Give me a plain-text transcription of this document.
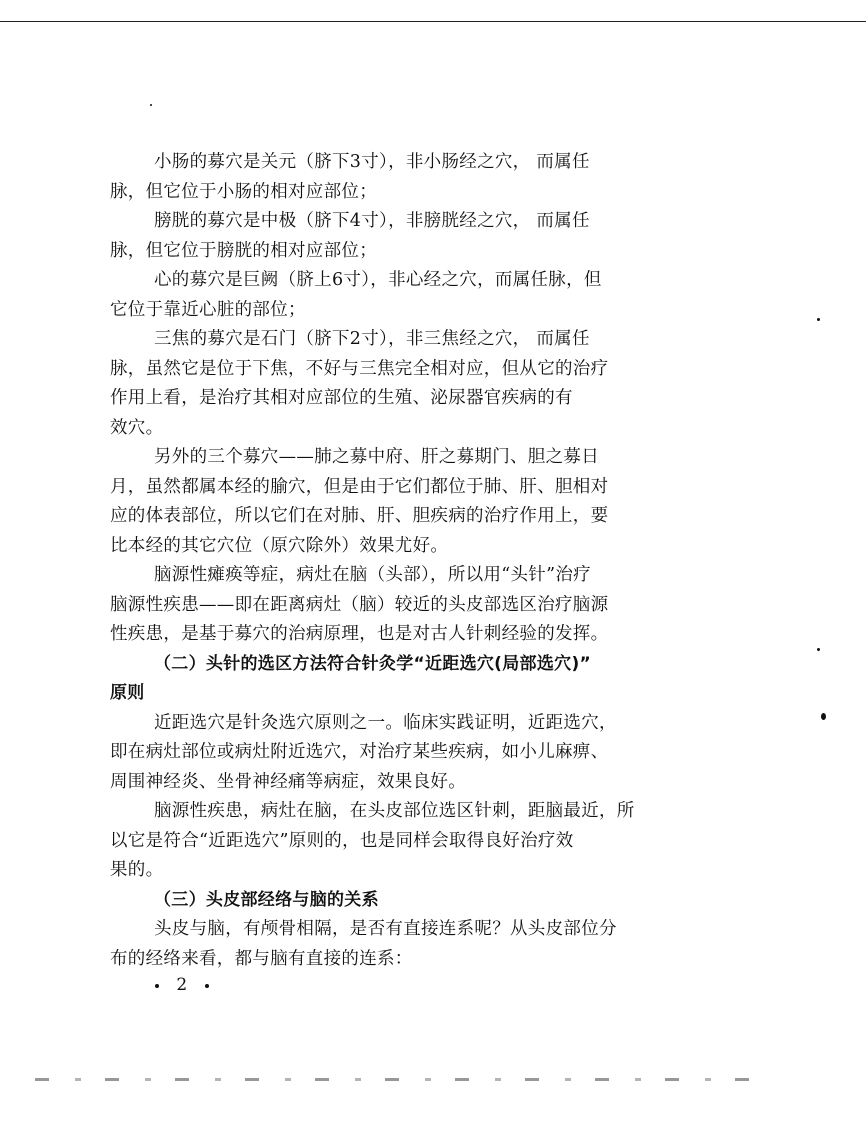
小肠的募穴是关元（脐下3寸），非小肠经之穴， 而属任
脉，但它位于小肠的相对应部位；
膀胱的募穴是中极（脐下4寸），非膀胱经之穴， 而属任
脉，但它位于膀胱的相对应部位；
心的募穴是巨阙（脐上6寸），非心经之穴，而属任脉，但
它位于靠近心脏的部位；
三焦的募穴是石门（脐下2寸），非三焦经之穴， 而属任
脉，虽然它是位于下焦，不好与三焦完全相对应，但从它的治疗
作用上看，是治疗其相对应部位的生殖、泌尿器官疾病的有
效穴。
另外的三个募穴——肺之募中府、肝之募期门、胆之募日
月，虽然都属本经的腧穴，但是由于它们都位于肺、肝、胆相对
应的体表部位，所以它们在对肺、肝、胆疾病的治疗作用上，要
比本经的其它穴位（原穴除外）效果尤好。
脑源性瘫痪等症，病灶在脑（头部），所以用“头针”治疗
脑源性疾患——即在距离病灶（脑）较近的头皮部选区治疗脑源
性疾患，是基于募穴的治病原理，也是对古人针刺经验的发挥。
（二）头针的选区方法符合针灸学“近距选穴(局部选穴)”
原则
近距选穴是针灸选穴原则之一。临床实践证明，近距选穴，
即在病灶部位或病灶附近选穴，对治疗某些疾病，如小儿麻痹、
周围神经炎、坐骨神经痛等病症，效果良好。
脑源性疾患，病灶在脑，在头皮部位选区针刺，距脑最近，所
以它是符合“近距选穴”原则的，也是同样会取得良好治疗效
果的。
（三）头皮部经络与脑的关系
头皮与脑，有颅骨相隔，是否有直接连系呢？从头皮部位分
布的经络来看，都与脑有直接的连系：
2
